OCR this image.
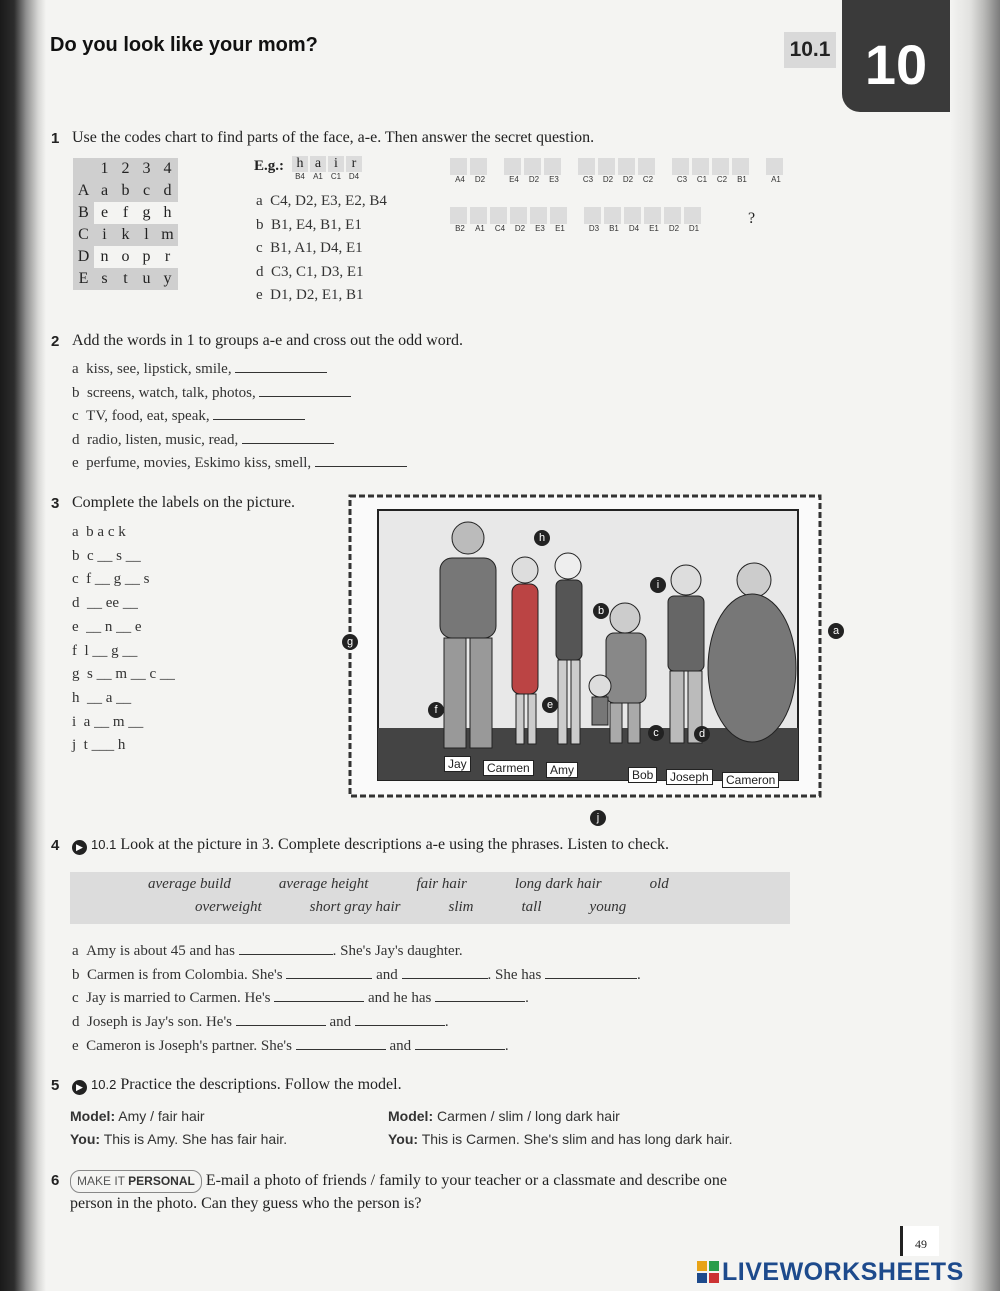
Do you look like your mom?	10.1 10
1 Use the codes chart to find parts of the face, a-e. Then answer the secret question.
	1	2	3	4
A	a	b	c	d
B	e	f	g	h
C	i	k	l	m
D	n	o	p	r
E	s	t	u	y
E.g.: h a i r
B4	A1 C1 D4
a C4, D2, E3, E2, B4
b B1, E4, B1, E1
c B1, A1, D4, E1
d C3, C1, D3, E1
e D1, D2, E1, B1
A4	D2	E4	D2	E3	C3	D2	D2	C2	C3	C1	C2	B1	A1
B2	A1	C4	D2	E3	E1	D3	B1	D4	E1	D2	D1
?
2 Add the words in 1 to groups a-e and cross out the odd word.
a kiss, see, lipstick, smile,
b screens, watch, talk, photos,
c TV, food, eat, speak,
d radio, listen, music, read,
e perfume, movies, Eskimo kiss, smell,
3 Complete the labels on the picture.
a b a c k
b c __ s __
c f __ g __ s
d __ ee __
e __ n __ e
f l __ g __
g s __ m __ c __
h __ a __
i a __ m __
j t ___ h
Jay	Carmen	Amy	Bob	Joseph	Cameron
a
b
c	d
e
f
g
h
i
j
4	▶ 10.1 Look at the picture in 3. Complete descriptions a-e using the phrases. Listen to check.
average build	average height	fair hair	long dark hair	old
overweight	short gray hair	slim	tall	young
a Amy is about 45 and has	. She's Jay's daughter.
b Carmen is from Colombia. She's	and	. She has	.
c Jay is married to Carmen. He's	and he has	.
d Joseph is Jay's son. He's	and	.
e Cameron is Joseph's partner. She's	and	.
5	▶ 10.2 Practice the descriptions. Follow the model.
Model: Amy / fair hair
You: This is Amy. She has fair hair.
Model: Carmen / slim / long dark hair
You: This is Carmen. She's slim and has long dark hair.
6	MAKE IT PERSONAL E-mail a photo of friends / family to your teacher or a classmate and describe one
person in the photo. Can they guess who the person is?
49
LIVEWORKSHEETS
